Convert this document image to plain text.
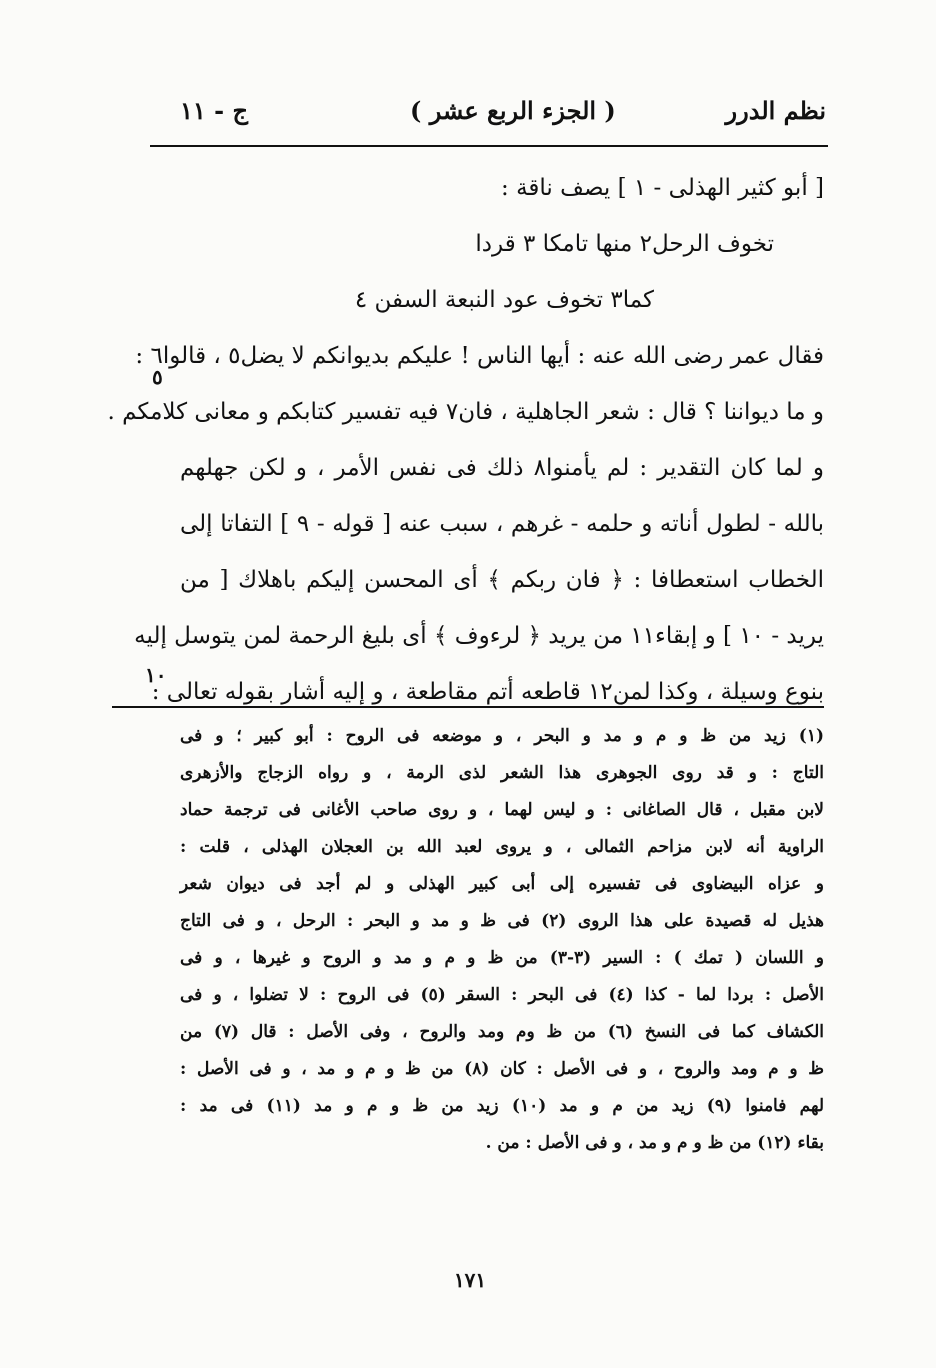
نظم الدرر
( الجزء الربع عشر )
ج - ١١
[ أبو كثير الهذلى - ١ ] يصف ناقة :
تخوف الرحل٢ منها تامكا ٣ قردا
كما٣ تخوف عود النبعة السفن ٤
فقال عمر رضى الله عنه : أيها الناس ! عليكم بديوانكم لا يضل٥ ، قالوا٦ :
و ما ديواننا ؟ قال : شعر الجاهلية ، فان٧ فيه تفسير كتابكم و معانى كلامكم .
و لما كان التقدير : لم يأمنوا٨ ذلك فى نفس الأمر ، و لكن جهلهم
بالله - لطول أناته و حلمه - غرهم ، سبب عنه [ قوله - ٩ ] التفاتا إلى
الخطاب استعطافا : ﴿ فان ربكم ﴾ أى المحسن إليكم باهلاك [ من
يريد - ١٠ ] و إبقاء١١ من يريد ﴿ لرءوف ﴾ أى بليغ الرحمة لمن يتوسل إليه
بنوع وسيلة ، وكذا لمن١٢ قاطعه أتم مقاطعة ، و إليه أشار بقوله تعالى :
٥
١٠
(١) زيد من ظ و م و مد و البحر ، و موضعه فى الروح : أبو كبير ؛ و فى
التاج : و قد روى الجوهرى هذا الشعر لذى الرمة ، و رواه الزجاج والأزهرى
لابن مقبل ، قال الصاغانى : و ليس لهما ، و روى صاحب الأغانى فى ترجمة حماد
الراوية أنه لابن مزاحم الثمالى ، و يروى لعبد الله بن العجلان الهذلى ، قلت :
و عزاه البيضاوى فى تفسيره إلى أبى كبير الهذلى و لم أجد فى ديوان شعر
هذيل له قصيدة على هذا الروى (٢) فى ظ و مد و البحر : الرحل ، و فى التاج
و اللسان ( تمك ) : السير (٣-٣) من ظ و م و مد و الروح و غيرها ، و فى
الأصل : بردا لما - كذا (٤) فى البحر : السقر (٥) فى الروح : لا تضلوا ، و فى
الكشاف كما فى النسخ (٦) من ظ وم ومد والروح ، وفى الأصل : قال (٧) من
ظ و م ومد والروح ، و فى الأصل : كان (٨) من ظ و م و مد ، و فى الأصل :
لهم فامنوا (٩) زيد من م و مد (١٠) زيد من ظ و م و مد (١١) فى مد :
بقاء (١٢) من ظ و م و مد ، و فى الأصل : من .
١٧١
